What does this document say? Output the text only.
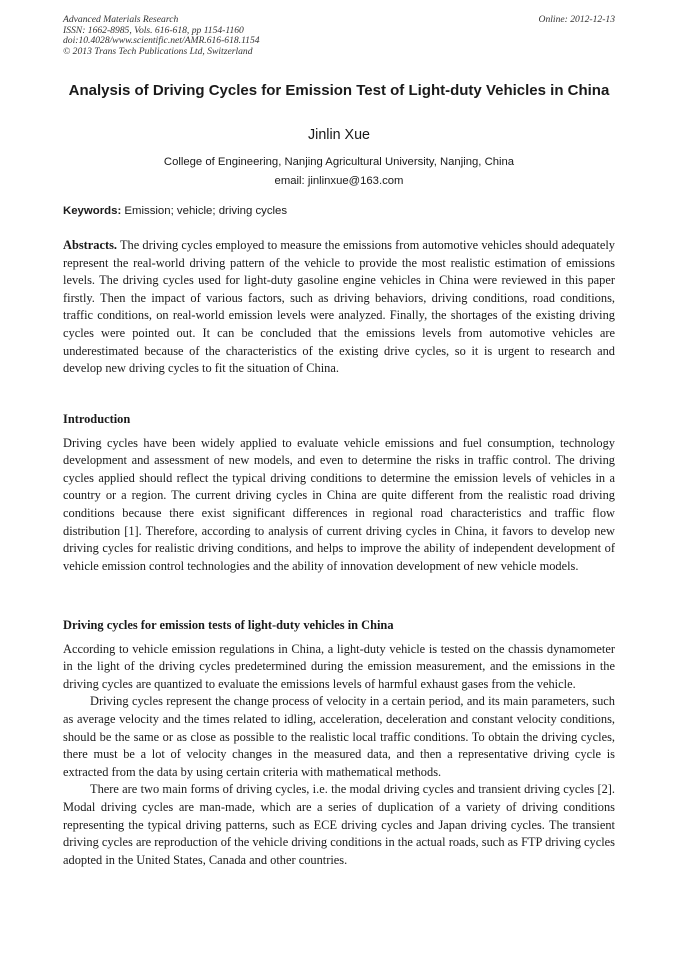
Advanced Materials Research
ISSN: 1662-8985, Vols. 616-618, pp 1154-1160
doi:10.4028/www.scientific.net/AMR.616-618.1154
© 2013 Trans Tech Publications Ltd, Switzerland
Online: 2012-12-13
Analysis of Driving Cycles for Emission Test of Light-duty Vehicles in China
Jinlin Xue
College of Engineering, Nanjing Agricultural University, Nanjing, China
email: jinlinxue@163.com
Keywords: Emission; vehicle; driving cycles

Abstracts. The driving cycles employed to measure the emissions from automotive vehicles should adequately represent the real-world driving pattern of the vehicle to provide the most realistic estimation of emissions levels. The driving cycles used for light-duty gasoline engine vehicles in China were reviewed in this paper firstly. Then the impact of various factors, such as driving behaviors, driving conditions, road conditions, traffic conditions, on real-world emission levels were analyzed. Finally, the shortages of the existing driving cycles were pointed out. It can be concluded that the emissions levels from automotive vehicles are underestimated because of the characteristics of the existing drive cycles, so it is urgent to research and develop new driving cycles to fit the situation of China.

Introduction

Driving cycles have been widely applied to evaluate vehicle emissions and fuel consumption, technology development and assessment of new models, and even to determine the risks in traffic control. The driving cycles applied should reflect the typical driving conditions to determine the emission levels of vehicles in a country or a region. The current driving cycles in China are quite different from the realistic road driving conditions because there exist significant differences in regional road characteristics and traffic flow distribution [1]. Therefore, according to analysis of current driving cycles in China, it favors to develop new driving cycles for realistic driving conditions, and helps to improve the ability of independent development of vehicle emission control technologies and the ability of innovation development of new vehicle models.

Driving cycles for emission tests of light-duty vehicles in China

According to vehicle emission regulations in China, a light-duty vehicle is tested on the chassis dynamometer in the light of the driving cycles predetermined during the emission measurement, and the emissions in the driving cycles are quantized to evaluate the emissions levels of harmful exhaust gases from the vehicle.

Driving cycles represent the change process of velocity in a certain period, and its main parameters, such as average velocity and the times related to idling, acceleration, deceleration and constant velocity conditions, should be the same or as close as possible to the realistic local traffic conditions. To obtain the driving cycles, there must be a lot of velocity changes in the measured data, and then a representative driving cycle is extracted from the data by using certain criteria with mathematical methods.

There are two main forms of driving cycles, i.e. the modal driving cycles and transient driving cycles [2]. Modal driving cycles are man-made, which are a series of duplication of a variety of driving conditions representing the typical driving patterns, such as ECE driving cycles and Japan driving cycles. The transient driving cycles are reproduction of the vehicle driving conditions in the actual roads, such as FTP driving cycles adopted in the United States, Canada and other countries.
